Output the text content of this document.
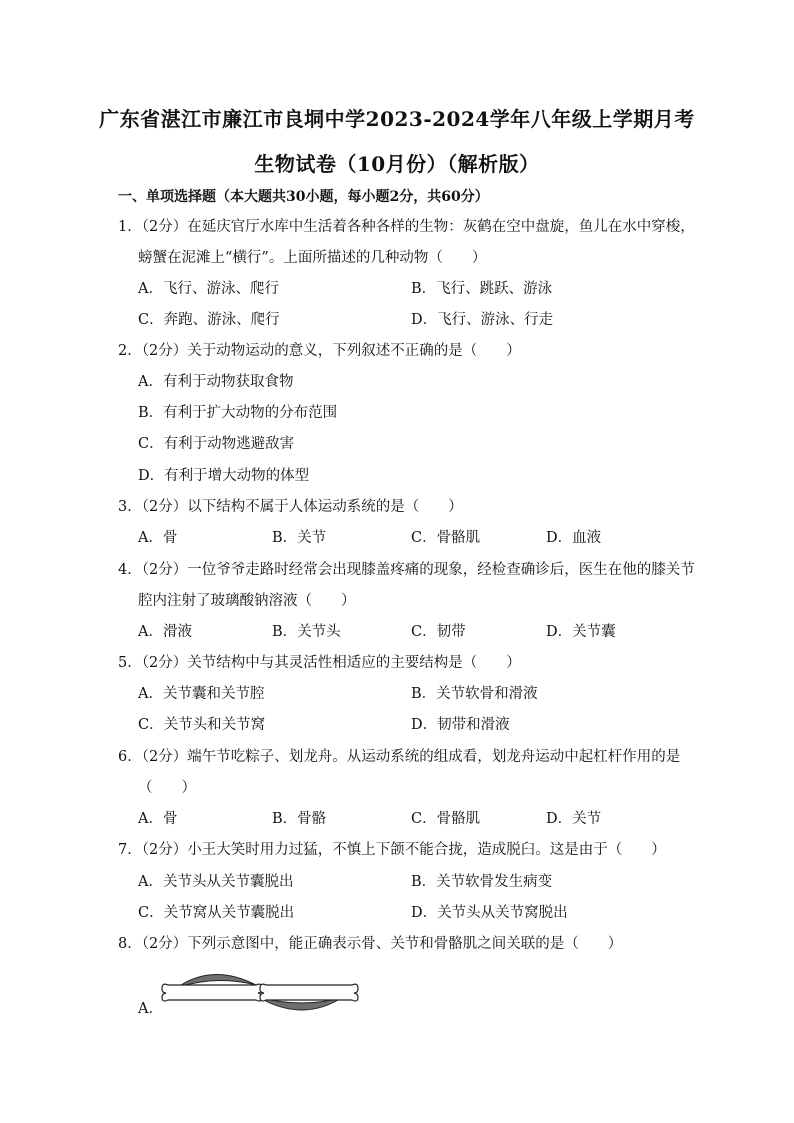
广东省湛江市廉江市良垌中学2023-2024学年八年级上学期月考
生物试卷（10月份）（解析版）
一、单项选择题（本大题共30小题，每小题2分，共60分）
1．（2分）在延庆官厅水库中生活着各种各样的生物：灰鹤在空中盘旋，鱼儿在水中穿梭，
螃蟹在泥滩上“横行”。上面所描述的几种动物（　　）
A．飞行、游泳、爬行	B．飞行、跳跃、游泳
C．奔跑、游泳、爬行	D．飞行、游泳、行走
2．（2分）关于动物运动的意义，下列叙述不正确的是（　　）
A．有利于动物获取食物
B．有利于扩大动物的分布范围
C．有利于动物逃避敌害
D．有利于增大动物的体型
3．（2分）以下结构不属于人体运动系统的是（　　）
A．骨	B．关节	C．骨骼肌	D．血液
4．（2分）一位爷爷走路时经常会出现膝盖疼痛的现象，经检查确诊后，医生在他的膝关节
腔内注射了玻璃酸钠溶液（　　）
A．滑液	B．关节头	C．韧带	D．关节囊
5．（2分）关节结构中与其灵活性相适应的主要结构是（　　）
A．关节囊和关节腔	B．关节软骨和滑液
C．关节头和关节窝	D．韧带和滑液
6．（2分）端午节吃粽子、划龙舟。从运动系统的组成看，划龙舟运动中起杠杆作用的是
（　　）
A．骨	B．骨骼	C．骨骼肌	D．关节
7．（2分）小王大笑时用力过猛，不慎上下颌不能合拢，造成脱臼。这是由于（　　）
A．关节头从关节囊脱出	B．关节软骨发生病变
C．关节窝从关节囊脱出	D．关节头从关节窝脱出
8．（2分）下列示意图中，能正确表示骨、关节和骨骼肌之间关联的是（　　）
A．
